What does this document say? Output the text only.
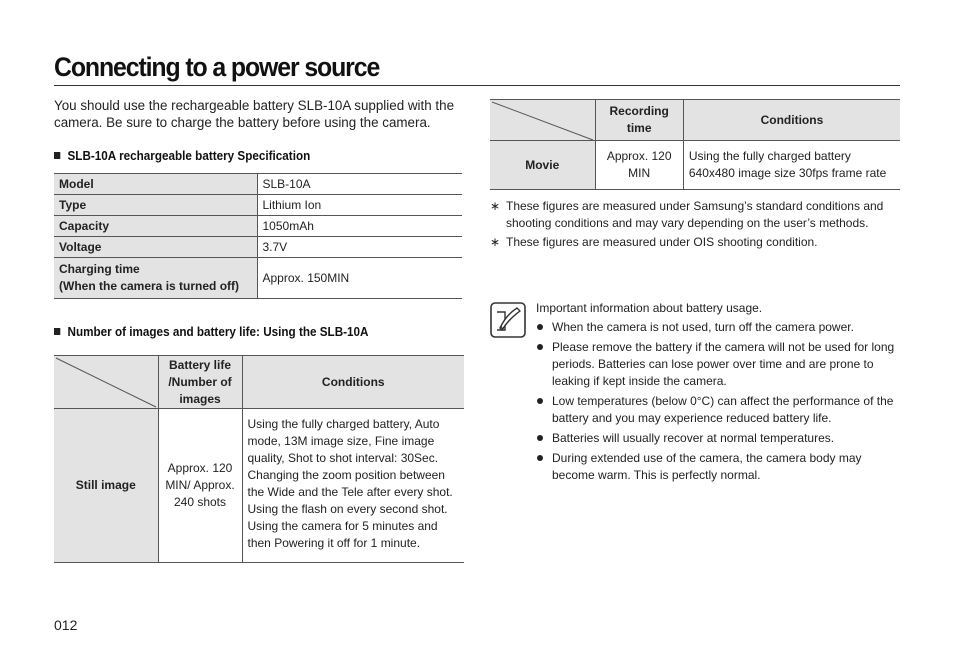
Connecting to a power source
You should use the rechargeable battery SLB-10A supplied with the camera. Be sure to charge the battery before using the camera.
SLB-10A rechargeable battery Specification
Model	SLB-10A
Type	Lithium Ion
Capacity	1050mAh
Voltage	3.7V

Charging time
(When the camera is turned off)	Approx. 150MIN
Number of images and battery life: Using the SLB-10A
	Battery life /Number of images	Conditions
Still image	Approx. 120 MIN/ Approx. 240 shots	Using the fully charged battery, Auto mode, 13M image size, Fine image quality, Shot to shot interval: 30Sec. Changing the zoom position between the Wide and the Tele after every shot. Using the flash on every second shot. Using the camera for 5 minutes and then Powering it off for 1 minute.
	Recording time	Conditions
Movie	Approx. 120 MIN	Using the fully charged battery 640x480 image size 30fps frame rate
∗ These figures are measured under Samsung’s standard conditions and shooting conditions and may vary depending on the user’s methods.
∗ These figures are measured under OIS shooting condition.
Important information about battery usage.
When the camera is not used, turn off the camera power.
Please remove the battery if the camera will not be used for long periods. Batteries can lose power over time and are prone to leaking if kept inside the camera.
Low temperatures (below 0°C) can affect the performance of the battery and you may experience reduced battery life.
Batteries will usually recover at normal temperatures.
During extended use of the camera, the camera body may become warm. This is perfectly normal.
012
